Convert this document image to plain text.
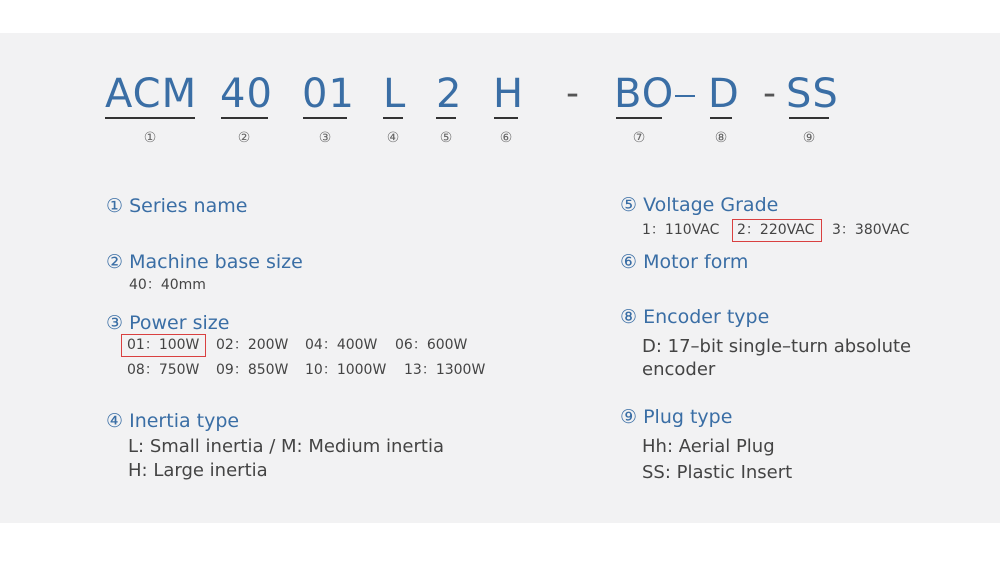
ACM 40 01 L 2 H - BO D - SS
①	②	③	④	⑤	⑥	⑦	⑧	⑨
① Series name
② Machine base size
40：40mm
③ Power size
01：100W 02：200W 04：400W 06：600W
08：750W 09：850W 10：1000W 13：1300W
④ Inertia type
L: Small inertia / M: Medium inertia
H: Large inertia
⑤ Voltage Grade
1：110VAC 2：220VAC 3：380VAC
⑥ Motor form
⑧ Encoder type
D: 17–bit single–turn absolute
encoder
⑨ Plug type
Hh: Aerial Plug
SS: Plastic Insert
